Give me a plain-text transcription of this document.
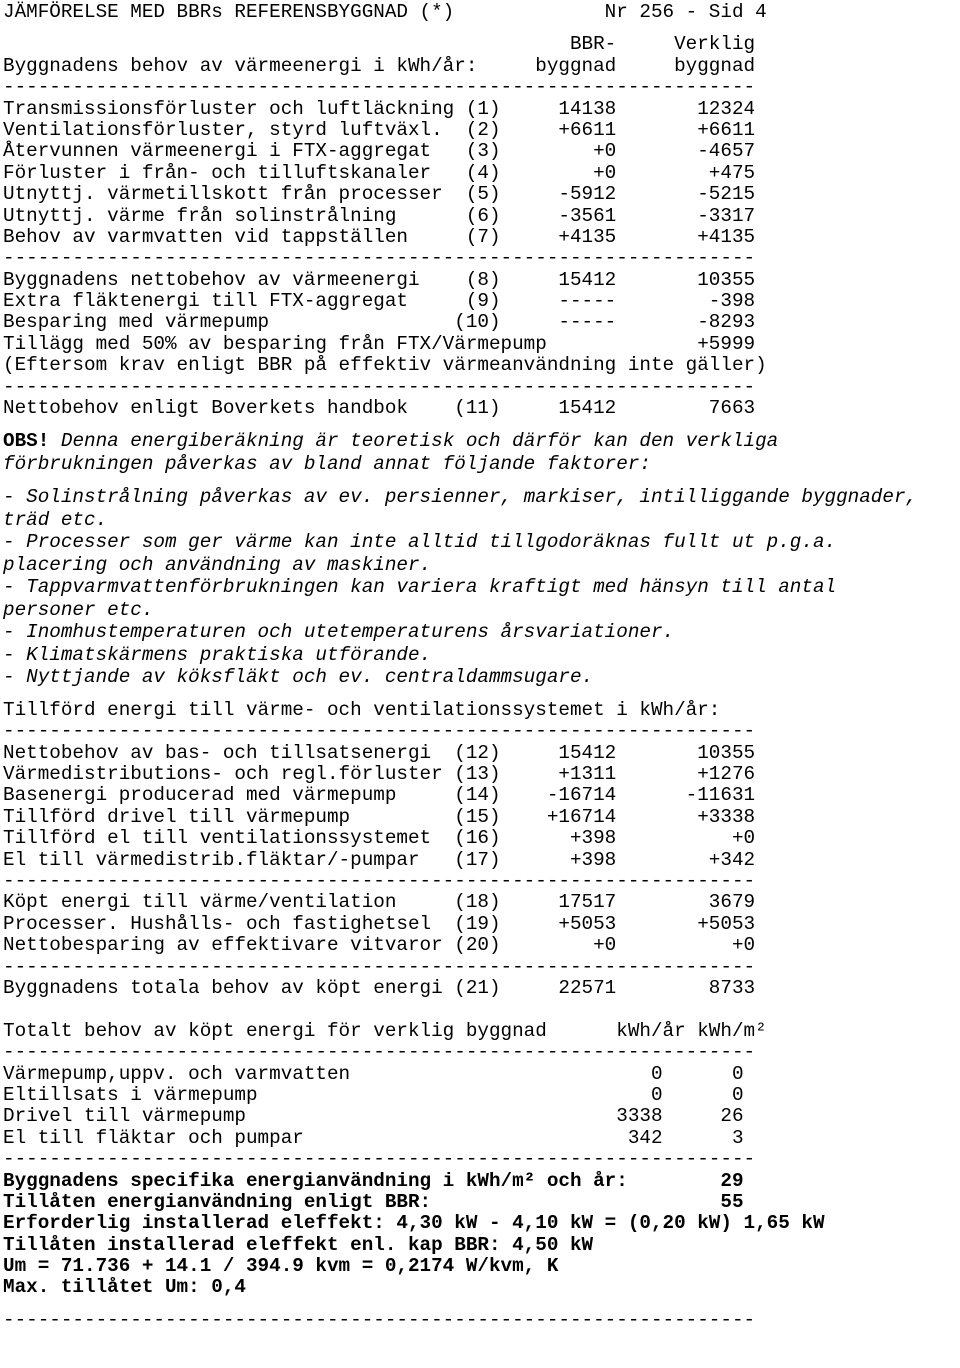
JÄMFÖRELSE MED BBRs REFERENSBYGGNAD (*)             Nr 256 - Sid 4
BBR-     Verklig
Byggnadens behov av värmeenergi i kWh/år:     byggnad     byggnad
-----------------------------------------------------------------
Transmissionsförluster och luftläckning (1)     14138       12324
Ventilationsförluster, styrd luftväxl.  (2)     +6611       +6611
Återvunnen värmeenergi i FTX-aggregat   (3)        +0       -4657
Förluster i från- och tilluftskanaler   (4)        +0        +475
Utnyttj. värmetillskott från processer  (5)     -5912       -5215
Utnyttj. värme från solinstrålning      (6)     -3561       -3317
Behov av varmvatten vid tappställen     (7)     +4135       +4135
-----------------------------------------------------------------
Byggnadens nettobehov av värmeenergi    (8)     15412       10355
Extra fläktenergi till FTX-aggregat     (9)     -----        -398
Besparing med värmepump                (10)     -----       -8293
Tillägg med 50% av besparing från FTX/Värmepump             +5999
(Eftersom krav enligt BBR på effektiv värmeanvändning inte gäller)
-----------------------------------------------------------------
Nettobehov enligt Boverkets handbok    (11)     15412        7663
OBS! Denna energiberäkning är teoretisk och därför kan den verkliga
förbrukningen påverkas av bland annat följande faktorer:
- Solinstrålning påverkas av ev. persienner, markiser, intilliggande byggnader,
träd etc.
- Processer som ger värme kan inte alltid tillgodoräknas fullt ut p.g.a.
placering och användning av maskiner.
- Tappvarmvattenförbrukningen kan variera kraftigt med hänsyn till antal
personer etc.
- Inomhustemperaturen och utetemperaturens årsvariationer.
- Klimatskärmens praktiska utförande.
- Nyttjande av köksfläkt och ev. centraldammsugare.
Tillförd energi till värme- och ventilationssystemet i kWh/år:
-----------------------------------------------------------------
Nettobehov av bas- och tillsatsenergi  (12)     15412       10355
Värmedistributions- och regl.förluster (13)     +1311       +1276
Basenergi producerad med värmepump     (14)    -16714      -11631
Tillförd drivel till värmepump         (15)    +16714       +3338
Tillförd el till ventilationssystemet  (16)      +398          +0
El till värmedistrib.fläktar/-pumpar   (17)      +398        +342
-----------------------------------------------------------------
Köpt energi till värme/ventilation     (18)     17517        3679
Processer. Hushålls- och fastighetsel  (19)     +5053       +5053
Nettobesparing av effektivare vitvaror (20)        +0          +0
-----------------------------------------------------------------
Byggnadens totala behov av köpt energi (21)     22571        8733
Totalt behov av köpt energi för verklig byggnad      kWh/år kWh/m²
-----------------------------------------------------------------
Värmepump,uppv. och varmvatten                          0      0
Eltillsats i värmepump                                  0      0
Drivel till värmepump                                3338     26
El till fläktar och pumpar                            342      3
-----------------------------------------------------------------
Byggnadens specifika energianvändning i kWh/m² och år:        29
Tillåten energianvändning enligt BBR:                         55
Erforderlig installerad eleffekt: 4,30 kW - 4,10 kW = (0,20 kW) 1,65 kW
Tillåten installerad eleffekt enl. kap BBR: 4,50 kW
Um = 71.736 + 14.1 / 394.9 kvm = 0,2174 W/kvm, K
Max. tillåtet Um: 0,4
-----------------------------------------------------------------
